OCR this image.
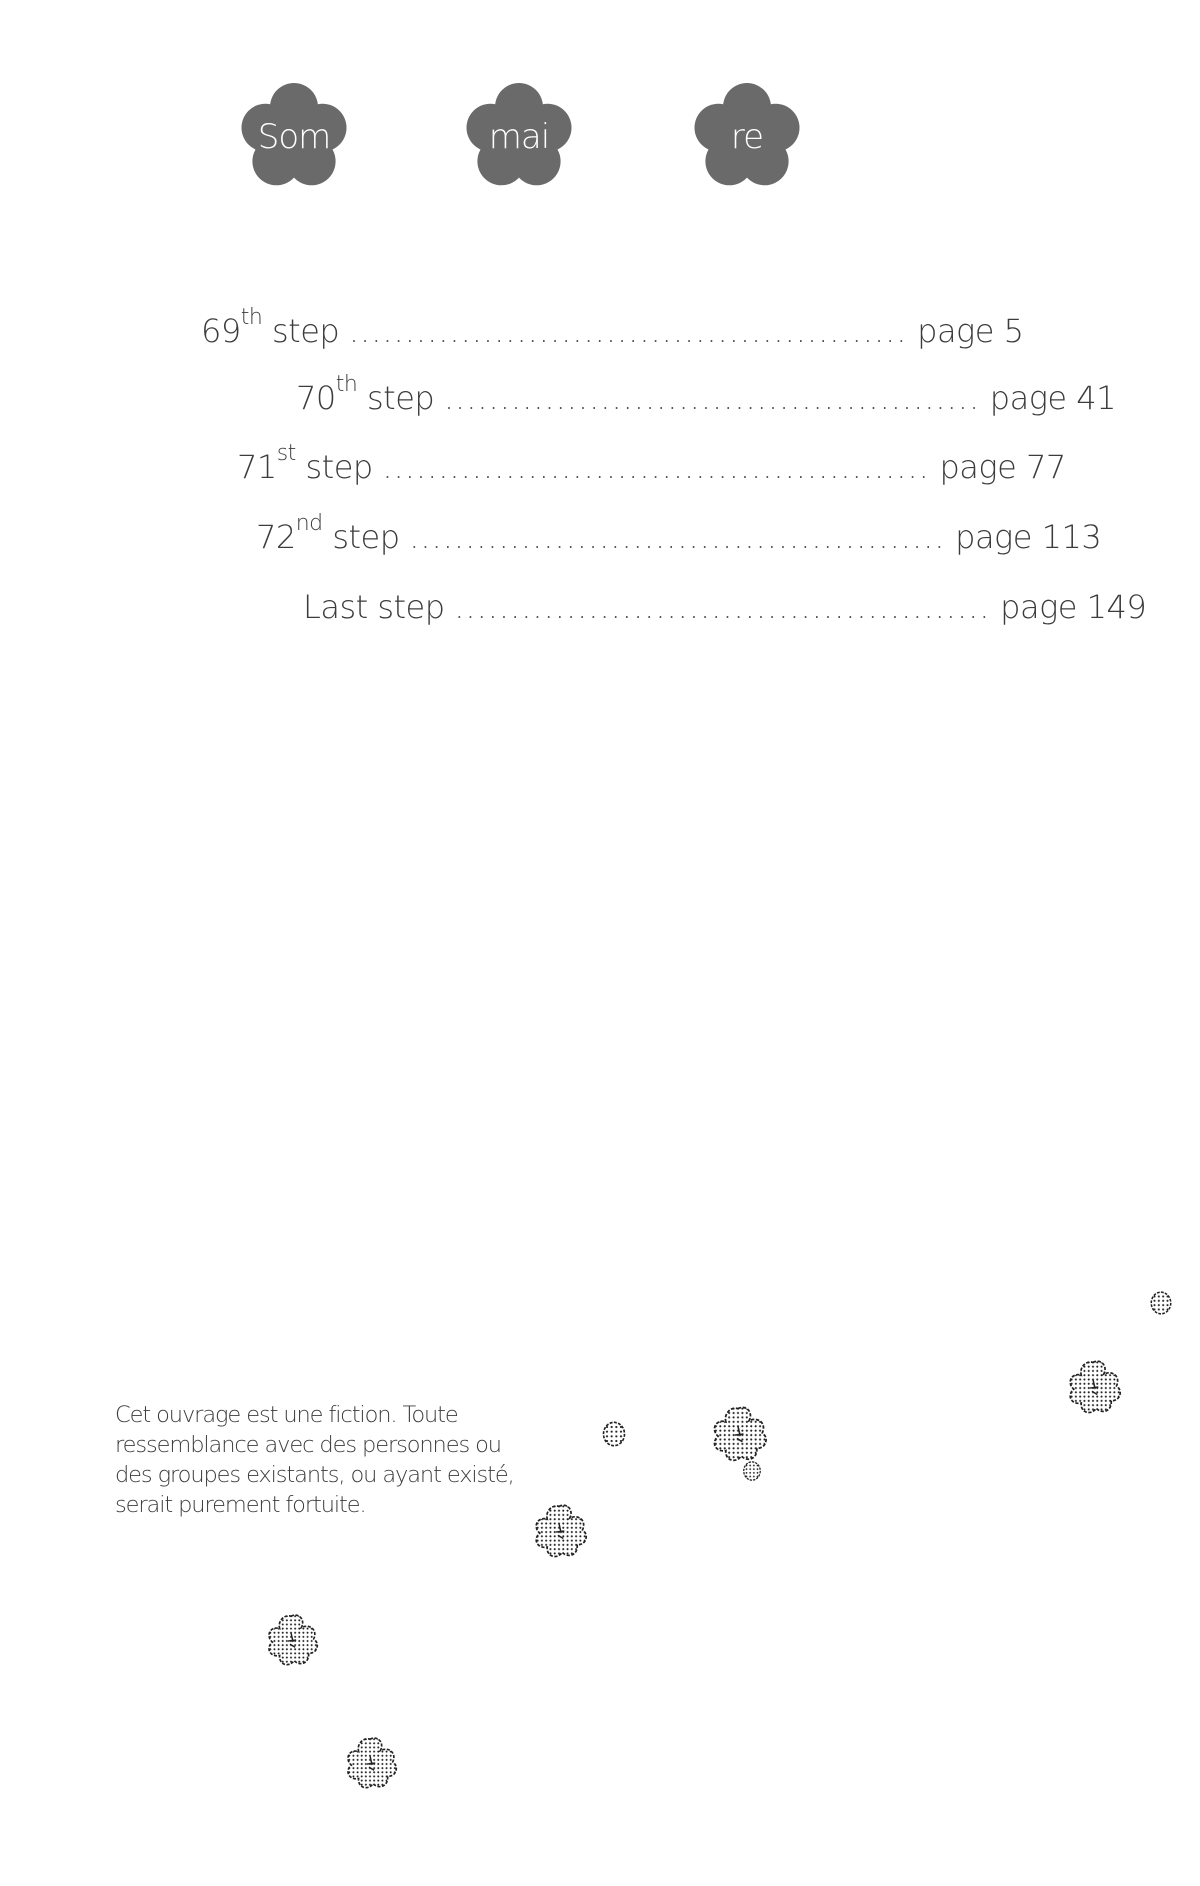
Som	mai	re
69th step .................................................. page 5
70th step ................................................ page 41
71st step ................................................. page 77
72nd step ................................................ page 113
Last step ................................................ page 149
Cet ouvrage est une fiction. Toute
ressemblance avec des personnes ou
des groupes existants, ou ayant existé,
serait purement fortuite.
